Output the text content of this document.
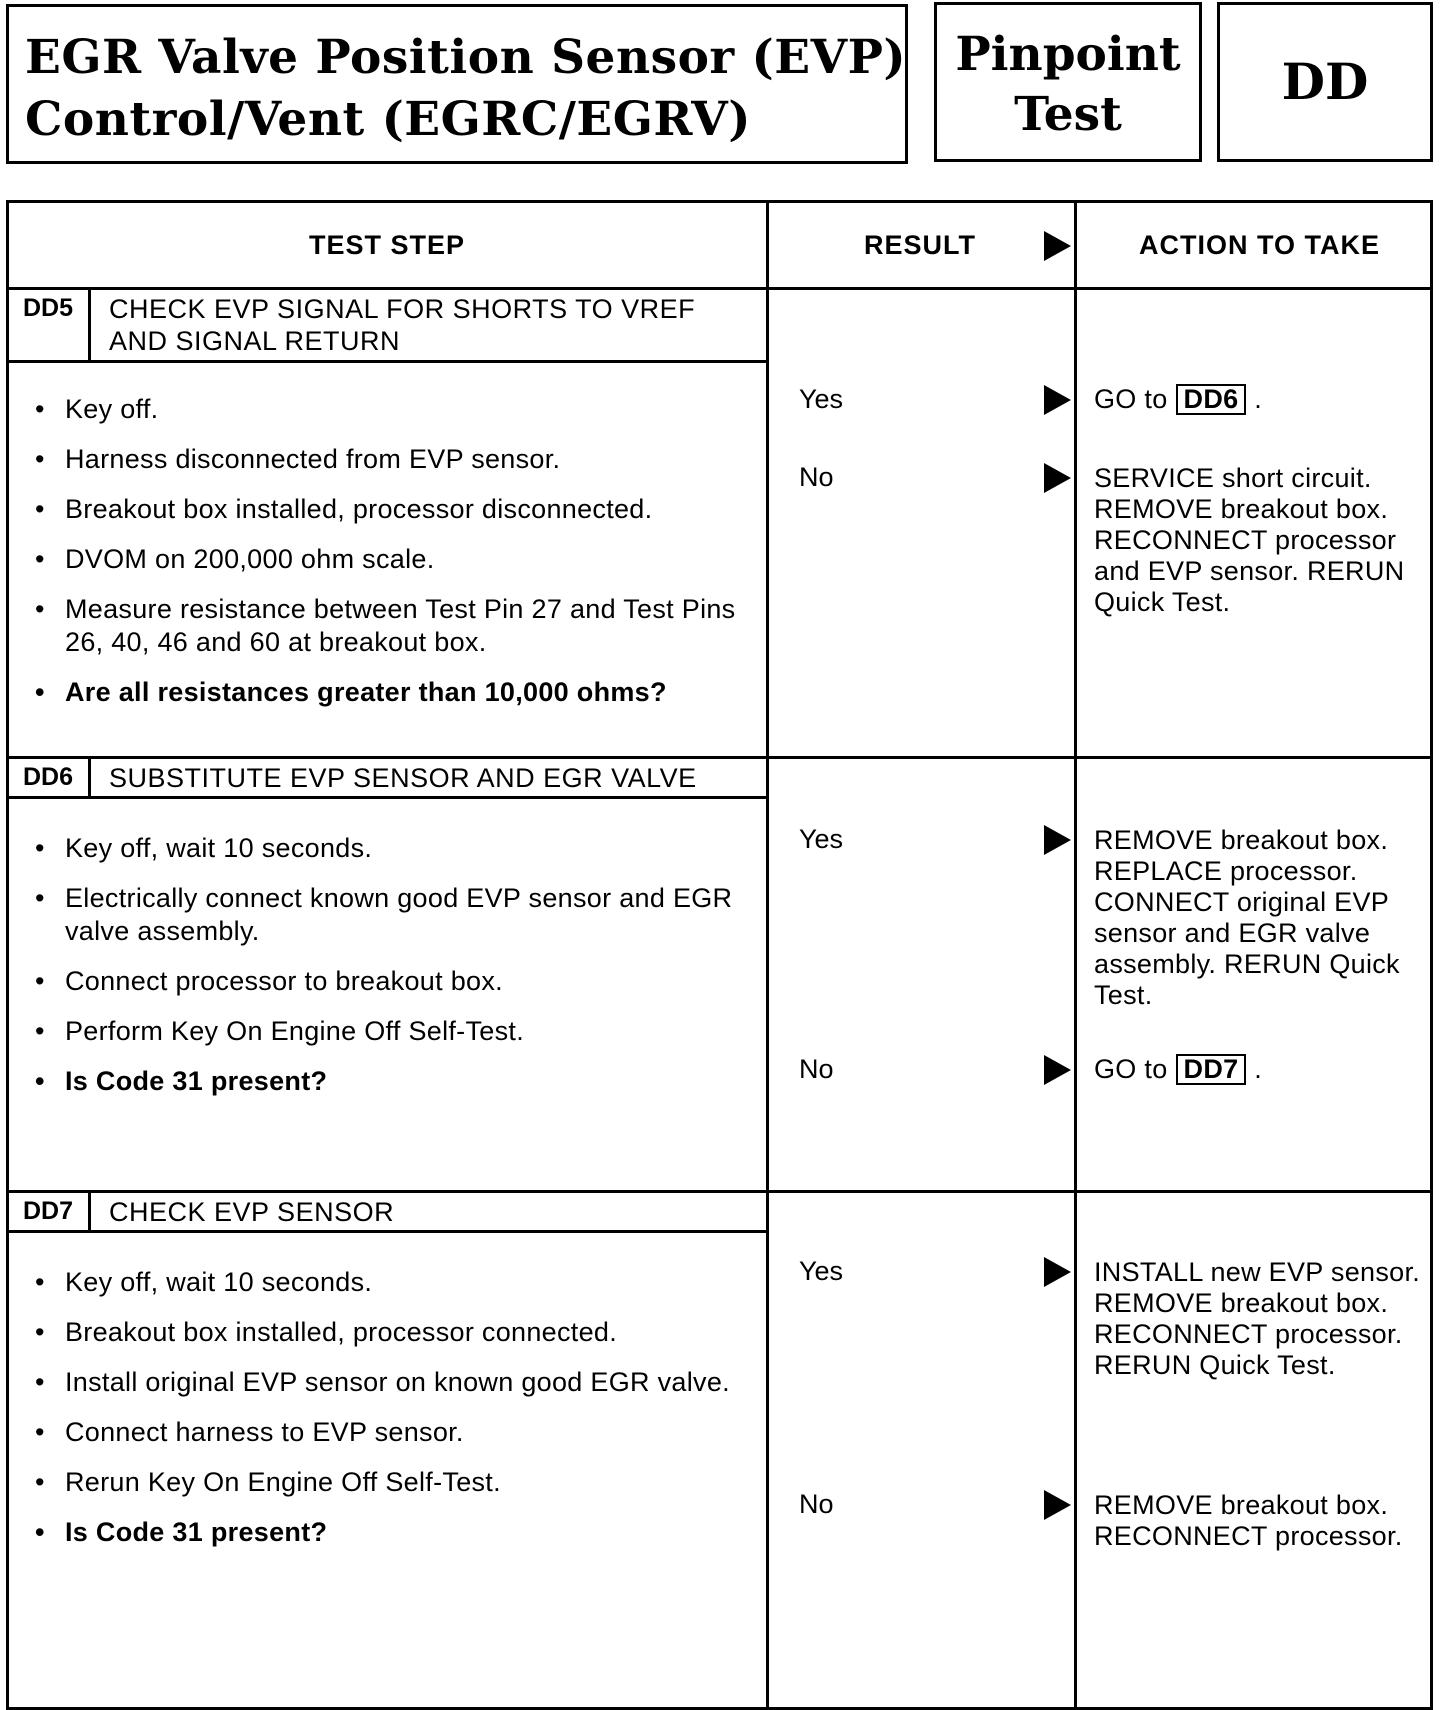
EGR Valve Position Sensor (EVP)
Control/Vent (EGRC/EGRV)
Pinpoint
Test
DD
TEST STEP	RESULT	ACTION TO TAKE
DD5	CHECK EVP SIGNAL FOR SHORTS TO VREF AND SIGNAL RETURN
• Key off.
• Harness disconnected from EVP sensor.
• Breakout box installed, processor disconnected.
• DVOM on 200,000 ohm scale.
• Measure resistance between Test Pin 27 and Test Pins 26, 40, 46 and 60 at breakout box.
• Are all resistances greater than 10,000 ohms?
Yes	GO to DD6 .
No	SERVICE short circuit. REMOVE breakout box. RECONNECT processor and EVP sensor. RERUN Quick Test.
DD6	SUBSTITUTE EVP SENSOR AND EGR VALVE
• Key off, wait 10 seconds.
• Electrically connect known good EVP sensor and EGR valve assembly.
• Connect processor to breakout box.
• Perform Key On Engine Off Self-Test.
• Is Code 31 present?
Yes	REMOVE breakout box. REPLACE processor. CONNECT original EVP sensor and EGR valve assembly. RERUN Quick Test.
No	GO to DD7 .
DD7	CHECK EVP SENSOR
• Key off, wait 10 seconds.
• Breakout box installed, processor connected.
• Install original EVP sensor on known good EGR valve.
• Connect harness to EVP sensor.
• Rerun Key On Engine Off Self-Test.
• Is Code 31 present?
Yes	INSTALL new EVP sensor. REMOVE breakout box. RECONNECT processor. RERUN Quick Test.
No	REMOVE breakout box. RECONNECT processor.
